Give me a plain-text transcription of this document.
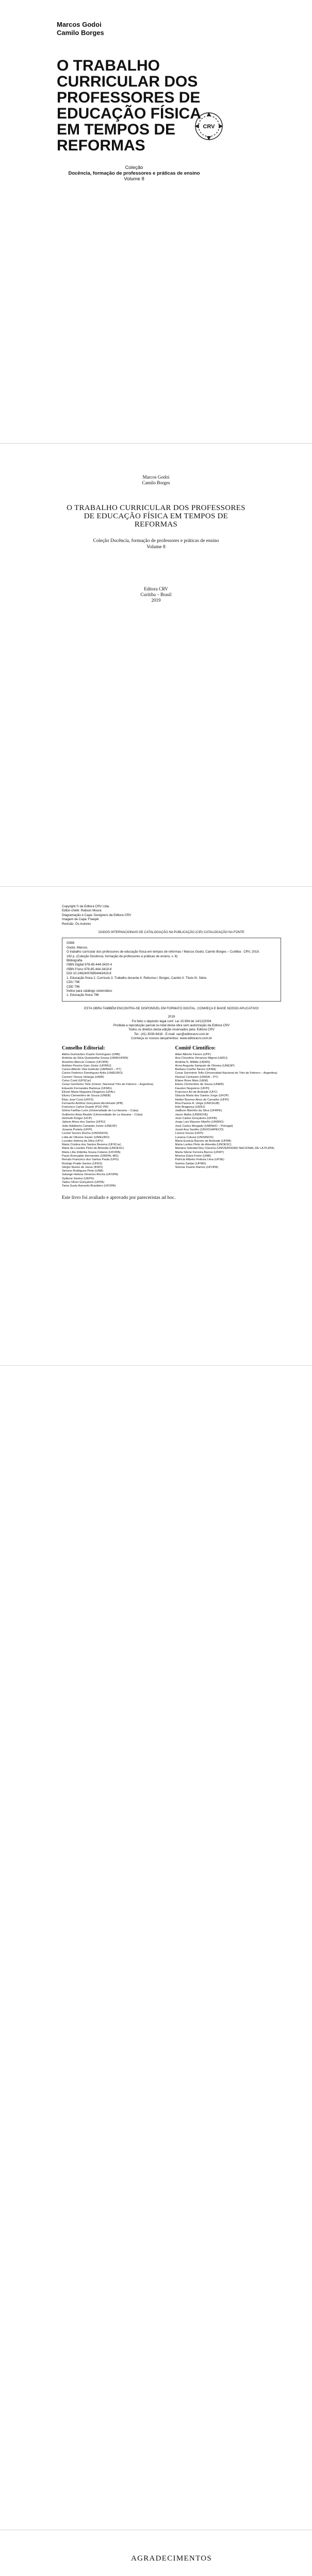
Marcos Godoi
Camilo Borges
CRV
O TRABALHO CURRICULAR DOS PROFESSORES DE EDUCAÇÃO FÍSICA EM TEMPOS DE REFORMAS
Coleção
Docência, formação de professores e práticas de ensino
Volume 8
Marcos Godoi
Camilo Borges
O TRABALHO CURRICULAR DOS PROFESSORES DE EDUCAÇÃO FÍSICA EM TEMPOS DE REFORMAS
Coleção Docência, formação de professores e práticas de ensino
Volume 8
Editora CRV
Curitiba – Brasil
2019

Copyright © da Editora CRV Ltda.
Editor-chefe: Railson Moura
Diagramação e Capa: Designers da Editora CRV
Imagem de Capa: Freepik
Revisão: Os Autores

DADOS INTERNACIONAIS DE CATALOGAÇÃO NA PUBLICAÇÃO (CIP) CATALOGAÇÃO NA FONTE
G588
Godoi, Marcos.
O trabalho curricular dos professores de educação física em tempos de reformas / Marcos Godoi, Camilo Borges – Curitiba : CRV, 2019.
162 p. (Coleção Docência, formação de professores e práticas de ensino, v. 8)
Bibliografia
ISBN Digital 978-85-444-3420-4
ISBN Físico 978-85-444-3419-8
DOI 10.24824/978854443419.8
1. Educação física 2. Currículo 3. Trabalho docente 4. Reforma I. Borges, Camilo II. Título III. Série.
CDU 796
CDD 796
Índice para catálogo sistemático
1. Educação física 796

ESTA OBRA TAMBÉM ENCONTRA-SE DISPONÍVEL EM FORMATO DIGITAL. CONHEÇA E BAIXE NOSSO APLICATIVO!

2019
Foi feito o depósito legal conf. Lei 10.994 de 14/12/2004
Proibida a reprodução parcial ou total desta obra sem autorização da Editora CRV
Todos os direitos desta edição reservados pela: Editora CRV
Tel.: (41) 3039-6418 - E-mail: sac@editoracrv.com.br
Conheça os nossos lançamentos: www.editoracrv.com.br

Conselho Editorial:
Aldira Guimarães Duarte Domínguez (UNB)
Andréia da Silva Quintanilha Sousa (UNIR/UFRN)
Anselmo Alencar Colares (UFOPA)
Antônio Pereira Gaio Júnior (UFRRJ)
Carlos Alberto Vilar Estêvão (UMINHO – PT)
Carlos Federico Dominguez Avila (UNIEURO)
Carmen Tereza Velanga (UNIR)
Celso Conti (UFSCar)
Cesar Gerónimo Tello (Univer. Nacional Três de Febrero – Argentina)
Eduardo Fernandes Barbosa (UFMG)
Elione Maria Nogueira Diogenes (UFAL)
Elizeu Clementino de Souza (UNEB)
Élsio José Corá (UFFS)
Fernando Antônio Gonçalves Alcoforado (IPB)
Francisco Carlos Duarte (PUC-PR)
Gloria Fariñas León (Universidade de La Havana – Cuba)
Guillermo Arias Beatón (Universidade de La Havana – Cuba)
Helmuth Krüger (UCP)
Jailson Alves dos Santos (UFRJ)
João Adalberto Campato Junior (UNESP)
Josania Portela (UFPI)
Leonel Severo Rocha (UNISINOS)
Lídia de Oliveira Xavier (UNIEURO)
Lourdes Helena da Silva (UFV)
Maria Cristina dos Santos Bezerra (UFSCar)
Maria de Lourdes Pinto de Almeida (UNOESC)
Maria Lília Imbiriba Sousa Colares (UFOPA)
Paulo Romualdo Hernandes (UNIFAL-MG)
Renato Francisco dos Santos Paula (UFG)
Rodrigo Pratte-Santos (UFES)
Sérgio Nunes de Jesus (IFRO)
Simone Rodrigues Pinto (UNB)
Solange Helena Ximenes-Rocha (UFOPA)
Sydione Santos (UEPG)
Tadeu Oliver Gonçalves (UFPA)
Tania Suely Azevedo Brasileiro (UFOPA)
Comitê Científico:
Altair Alberto Fávero (UPF)
Ana Chrystina Venancio Mignot (UERJ)
Andréia N. Militão (UEMS)
Anna Augusta Sampaio de Oliveira (UNESP)
Barbara Coelho Neves (UFBA)
Cesar Gerónimo Tello (Universidad Nacional de Três de Febrero – Argentina)
Diosnel Centurion (UNIDA – PY)
Eliane Rose Maio (UEM)
Elizeu Clementino de Souza (UNEB)
Fauston Negreiros (UFPI)
Francisco Ari de Andrade (UFC)
Gláucia Maria dos Santos Jorge (UFOP)
Helder Buenos Aires de Carvalho (UFPI)
Ilma Passos A. Veiga (UNICEUB)
Inês Bragança (UERJ)
Jadilson Marinho da Silva (UFRPE)
Jason Mafra (UNINOVE)
Jean Carlos Gonçalves (UFPR)
Jorge Luís Mazzeo Mariño (UNIRIO)
José Carlos Morgado (UMINHO – Portugal)
Joseli Ana Tarelho (UNOCHAPECÓ)
Lorena Sousa (UFPI)
Luciana Colussi (UNISINOS)
Maria Eurácia Barreto de Andrade (UFRB)
Maria Lurdes Pinto de Almeida (UNOESC)
Mariana Soledad Rey Clavería (UNIVERSIDAD NACIONAL DE LA PLATA)
Marta Silene Ferreira Barros (UFMT)
Moema Dutra Freire (UNB)
Patrícia Ribeiro Feitosa Lima (UFSE)
Samira Zaidan (UFMG)
Simone Duarte Ramos (UFOPA)
Este livro foi avaliado e aprovado por pareceristas ad hoc.
AGRADECIMENTOS
